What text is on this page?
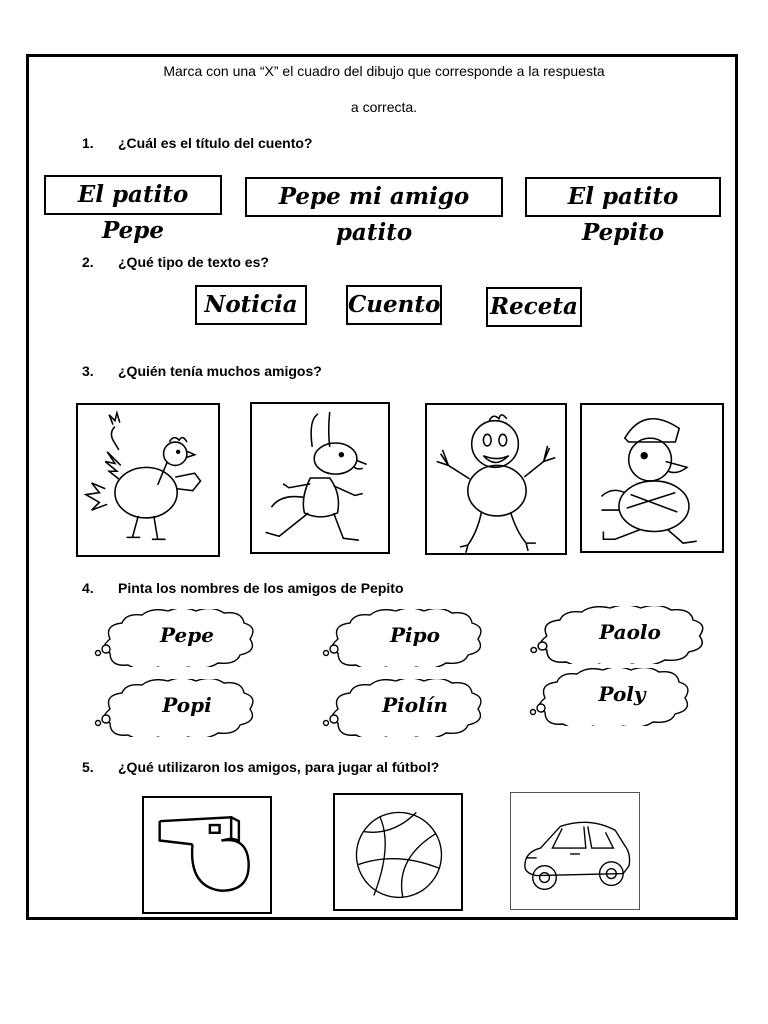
Marca con una “X” el cuadro del dibujo que corresponde a la respuesta
a correcta.
1. ¿Cuál es el título del cuento?
El patito Pepe
Pepe mi amigo patito
El patito Pepito
2. ¿Qué tipo de texto es?
Noticia	Cuento Receta
3. ¿Quién tenía muchos amigos?
4. Pinta los nombres de los amigos de Pepito
Pepe	Pipo	Paolo
Popi	Piolín	Poly
5. ¿Qué utilizaron los amigos, para jugar al fútbol?
